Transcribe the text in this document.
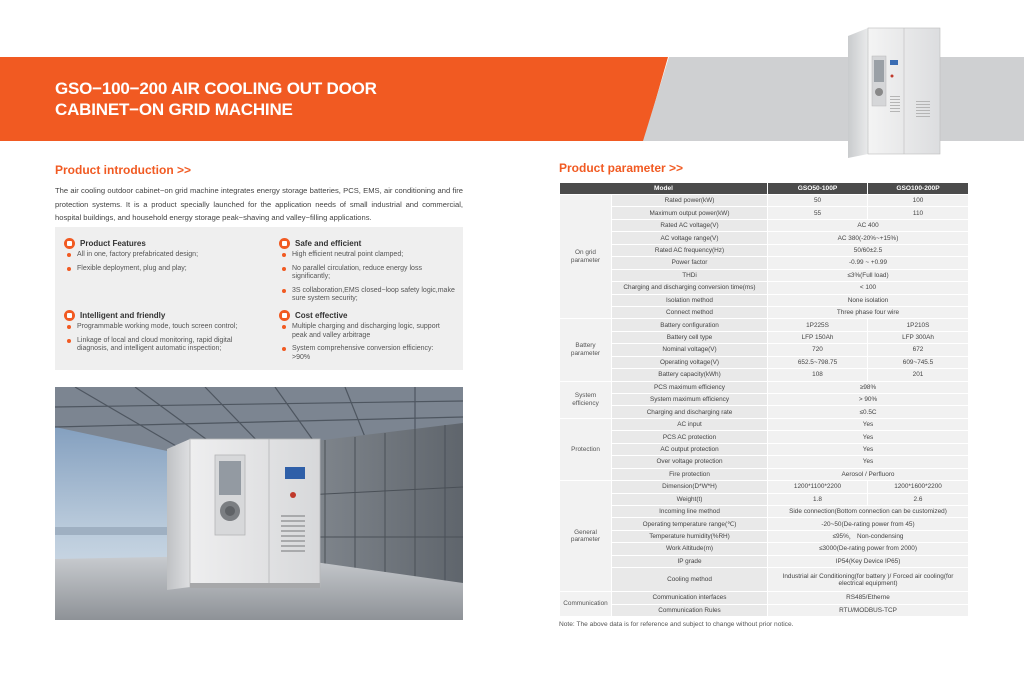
GSO−100−200 AIR COOLING OUT DOOR
CABINET−ON GRID MACHINE
Product introduction >>

The air cooling outdoor cabinet−on grid machine integrates energy storage batteries, PCS, EMS, air conditioning and fire protection systems. It is a product specially launched for the application needs of small industrial and commercial, hospital buildings, and household energy storage peak−shaving and valley−filling applications.

Product Features
All in one, factory prefabricated design;
Flexible deployment, plug and play;
Safe and efficient
High efficient neutral point clamped;
No parallel circulation, reduce energy loss significantly;
3S collaboration,EMS closed−loop safety logic,make sure system security;
Intelligent and friendly
Programmable working mode, touch screen control;
Linkage of local and cloud monitoring, rapid digital diagnosis, and intelligent automatic inspection;
Cost effective
Multiple charging and discharging logic, support peak and valley arbitrage
System comprehensive conversion efficiency: >90%
Product parameter >>
Model		GSO50-100P	GSO100-200P
On grid parameter	Rated power(kW)	50	100
	Maximum output power(kW)	55	110
	Rated AC voltage(V)	AC 400	
	AC voltage range(V)	AC 380(-20%~+15%)	
	Rated AC frequency(Hz)	50/60±2.5	
	Power factor	-0.99 ~ +0.99	
	THDi	≤3%(Full load)	
	Charging and discharging conversion time(ms)	< 100	
	Isolation method	None isolation	
	Connect method	Three phase four wire	
Battery parameter	Battery configuration	1P225S	1P210S
	Battery cell type	LFP 150Ah	LFP 300Ah
	Nominal voltage(V)	720	672
	Operating voltage(V)	652.5~798.75	609~745.5
	Battery capacity(kWh)	108	201
System efficiency	PCS maximum efficiency	≥98%	
	System maximum efficiency	> 90%	
	Charging and discharging rate	≤0.5C	
Protection	AC input	Yes	
	PCS AC protection	Yes	
	AC output protection	Yes	
	Over voltage protection	Yes	
	Fire protection	Aerosol / Perfluoro	
General parameter	Dimension(D*W*H)	1200*1100*2200	1200*1600*2200
	Weight(t)	1.8	2.6
	Incoming line method	Side connection(Bottom connection can be customized)	
	Operating temperature range(℃)	-20~50(De-rating power from 45)	
	Temperature humidity(%RH)	≤95%， Non-condensing	
	Work Altitude(m)	≤3000(De-rating power from 2000)	
	IP grade	IP54(Key Device IP65)	
	Cooling method	Industrial air Conditioning(for battery )/ Forced air cooling(for electrical equipment)	
Communication	Communication interfaces	RS485/Etherne	
	Communication Rules	RTU/MODBUS-TCP	

Note: The above data is for reference and subject to change without prior notice.
